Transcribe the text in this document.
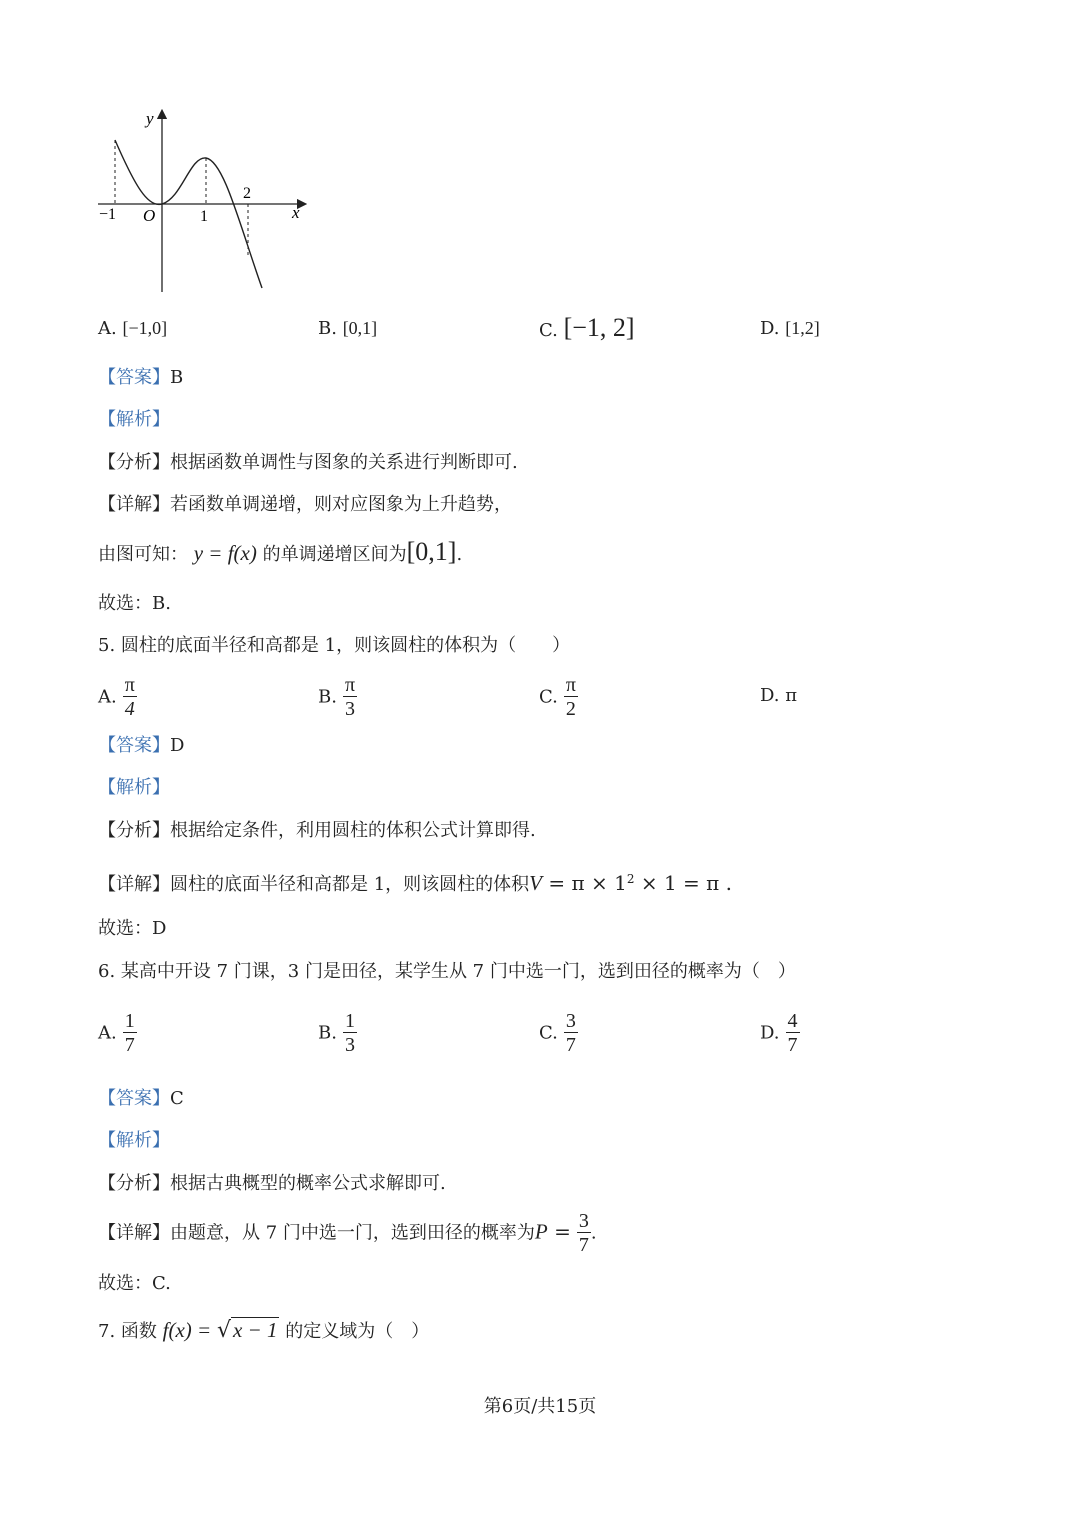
y
x
O
−1	1
2
A. [−1,0]	B. [0,1]	C. [−1, 2]	D. [1,2]
【答案】B
【解析】
【分析】根据函数单调性与图象的关系进行判断即可.
【详解】若函数单调递增，则对应图象为上升趋势，
由图可知： y = f(x) 的单调递增区间为[0,1].
故选：B.
5. 圆柱的底面半径和高都是 1，则该圆柱的体积为（　　）
A. $\frac{\pi}{4}$	B. $\frac{\pi}{3}$	C. $\frac{\pi}{2}$	D. π
【答案】D
【解析】
【分析】根据给定条件，利用圆柱的体积公式计算即得.
【详解】圆柱的底面半径和高都是 1，则该圆柱的体积$V = \pi \times 1^2 \times 1 = \pi$ .
故选：D
6. 某高中开设 7 门课，3 门是田径，某学生从 7 门中选一门，选到田径的概率为（　）
A. $\frac{1}{7}$	B. $\frac{1}{3}$	C. $\frac{3}{7}$	D. $\frac{4}{7}$
【答案】C
【解析】
【分析】根据古典概型的概率公式求解即可.
【详解】由题意，从 7 门中选一门，选到田径的概率为$P = \frac{3}{7}$ .
故选：C.
7. 函数 f(x) = √x − 1 的定义域为（　）
第6页/共15页
